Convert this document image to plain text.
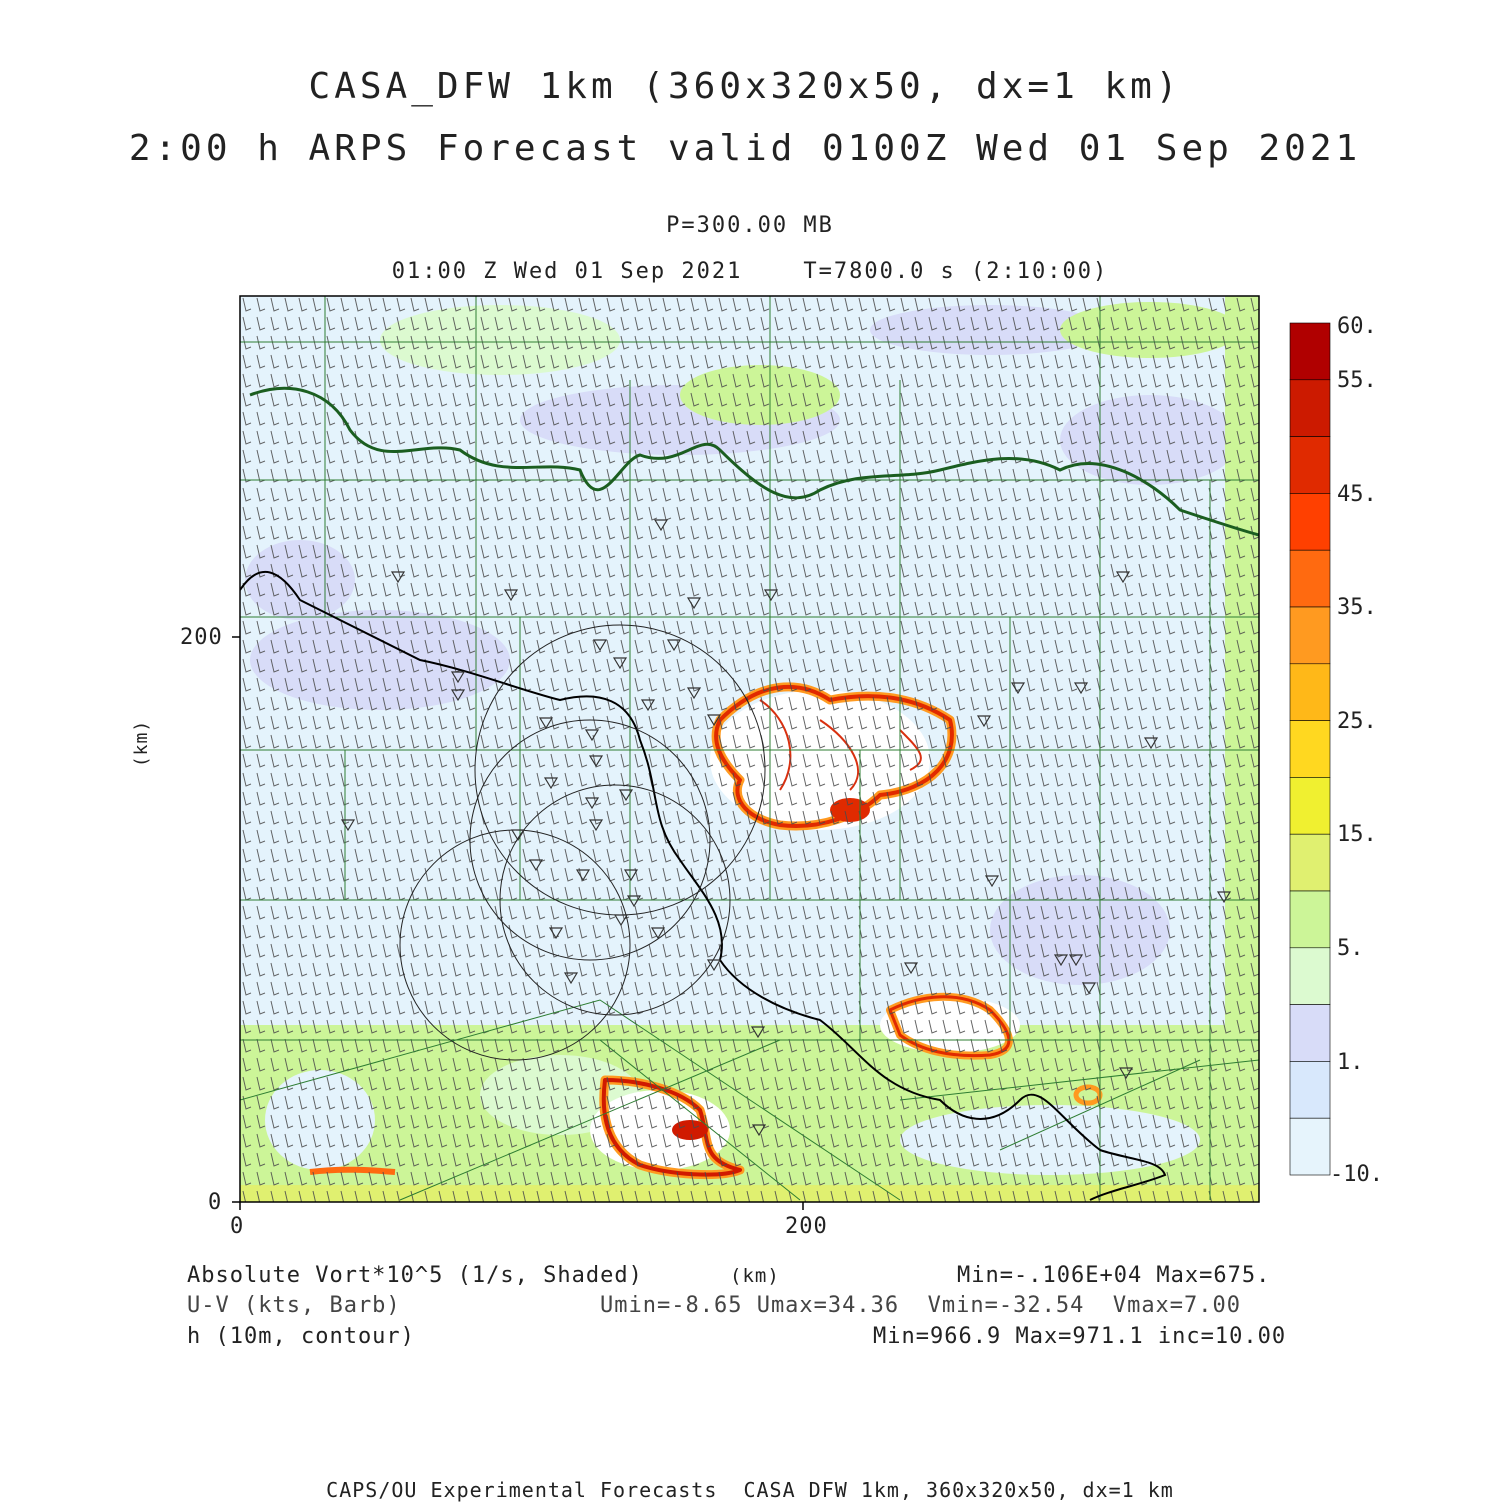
CASA_DFW 1km (360x320x50, dx=1 km)
2:00 h ARPS Forecast valid 0100Z Wed 01 Sep 2021
P=300.00 MB
01:00 Z Wed 01 Sep 2021    T=7800.0 s (2:10:00)
0
200
0	200
(km)
60.
55.
45.
35.
25.
15.
5.
1.
-10.
Absolute Vort*10^5 (1/s, Shaded)	(km)	Min=-.106E+04 Max=675.
U-V (kts, Barb)	Umin=-8.65 Umax=34.36  Vmin=-32.54  Vmax=7.00
h (10m, contour)	Min=966.9 Max=971.1 inc=10.00
CAPS/OU Experimental Forecasts  CASA DFW 1km, 360x320x50, dx=1 km
